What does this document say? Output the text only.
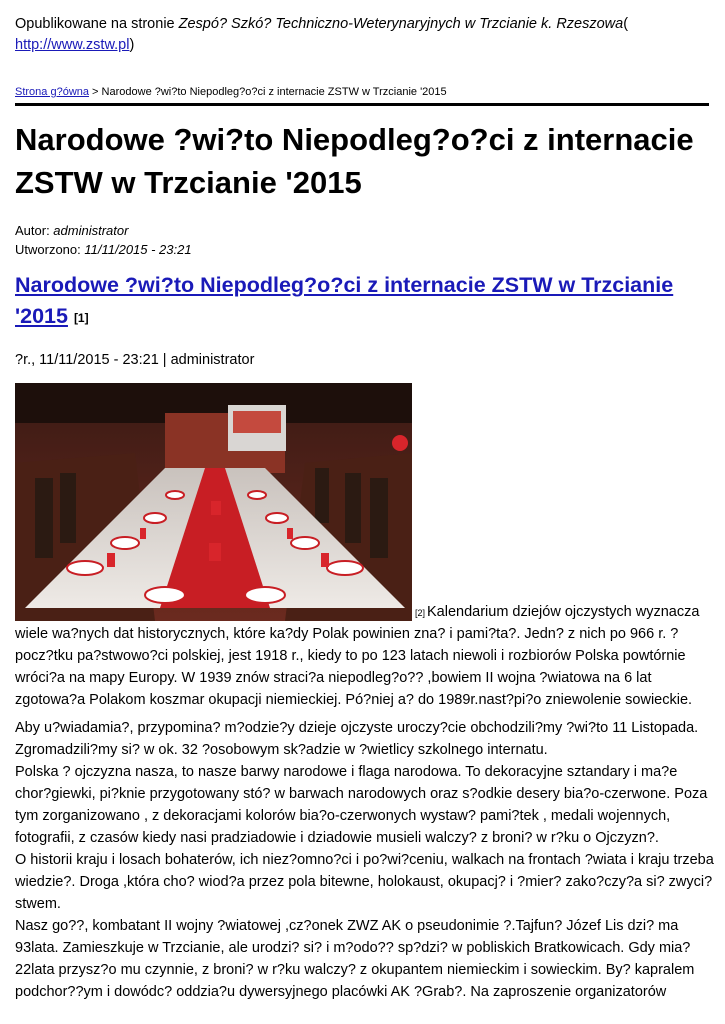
Opublikowane na stronie Zespó? Szkó? Techniczno-Weterynaryjnych w Trzcianie k. Rzeszowa(
http://www.zstw.pl)
Strona g?ówna > Narodowe ?wi?to Niepodleg?o?ci z internacie ZSTW w Trzcianie '2015
Narodowe ?wi?to Niepodleg?o?ci z internacie ZSTW w Trzcianie '2015
Autor: administrator
Utworzono: 11/11/2015 - 23:21
Narodowe ?wi?to Niepodleg?o?ci z internacie ZSTW w Trzcianie '2015 [1]
?r., 11/11/2015 - 23:21 | administrator
[2] Kalendarium dziejów ojczystych wyznacza
wiele wa?nych dat historycznych, które ka?dy Polak powinien zna? i pami?ta?. Jedn? z nich po 966 r. ? pocz?tku pa?stwowo?ci polskiej, jest 1918 r., kiedy to po 123 latach niewoli i rozbiorów Polska powtórnie wróci?a na mapy Europy. W 1939 znów straci?a niepodleg?o?? ,bowiem II wojna ?wiatowa na 6 lat zgotowa?a Polakom koszmar okupacji niemieckiej. Pó?niej a? do 1989r.nast?pi?o zniewolenie sowieckie.
Aby u?wiadamia?, przypomina? m?odzie?y dzieje ojczyste uroczy?cie obchodzili?my ?wi?to 11 Listopada.
Zgromadzili?my si? w ok. 32 ?osobowym sk?adzie w ?wietlicy szkolnego internatu.
Polska ? ojczyzna nasza, to nasze barwy narodowe i flaga narodowa. To dekoracyjne sztandary i ma?e chor?giewki, pi?knie przygotowany stó? w barwach narodowych oraz s?odkie desery bia?o-czerwone. Poza tym zorganizowano , z dekoracjami kolorów bia?o-czerwonych wystaw? pami?tek , medali wojennych, fotografii, z czasów kiedy nasi pradziadowie i dziadowie musieli walczy? z broni? w r?ku o Ojczyzn?.
O historii kraju i losach bohaterów, ich niez?omno?ci i po?wi?ceniu, walkach na frontach ?wiata i kraju trzeba wiedzie?. Droga ,która cho? wiod?a przez pola bitewne, holokaust, okupacj? i ?mier? zako?czy?a si? zwyci?stwem.
Nasz go??, kombatant II wojny ?wiatowej ,cz?onek ZWZ AK o pseudonimie ?.Tajfun? Józef Lis dzi? ma 93lata. Zamieszkuje w Trzcianie, ale urodzi? si? i m?odo?? sp?dzi? w pobliskich Bratkowicach. Gdy mia? 22lata przysz?o mu czynnie, z broni? w r?ku walczy? z okupantem niemieckim i sowieckim. By? kapralem podchor??ym i dowódc? oddzia?u dywersyjnego placówki AK ?Grab?. Na zaproszenie organizatorów
